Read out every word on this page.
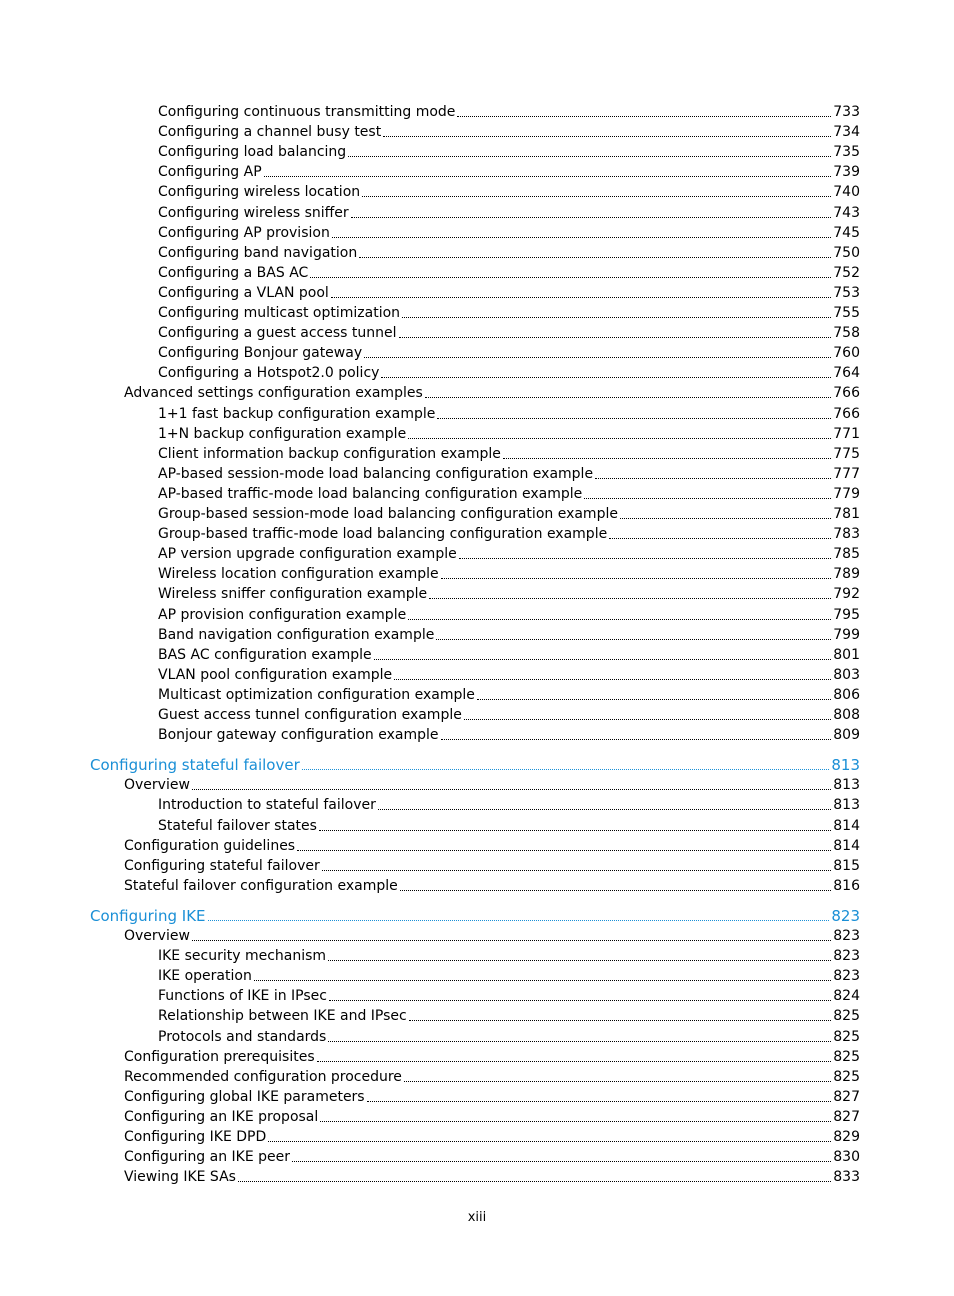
Configuring continuous transmitting mode	733
Configuring a channel busy test	734
Configuring load balancing	735
Configuring AP	739
Configuring wireless location	740
Configuring wireless sniffer	743
Configuring AP provision	745
Configuring band navigation	750
Configuring a BAS AC	752
Configuring a VLAN pool	753
Configuring multicast optimization	755
Configuring a guest access tunnel	758
Configuring Bonjour gateway	760
Configuring a Hotspot2.0 policy	764
Advanced settings configuration examples	766
1+1 fast backup configuration example	766
1+N backup configuration example	771
Client information backup configuration example	775
AP-based session-mode load balancing configuration example	777
AP-based traffic-mode load balancing configuration example	779
Group-based session-mode load balancing configuration example	781
Group-based traffic-mode load balancing configuration example	783
AP version upgrade configuration example	785
Wireless location configuration example	789
Wireless sniffer configuration example	792
AP provision configuration example	795
Band navigation configuration example	799
BAS AC configuration example	801
VLAN pool configuration example	803
Multicast optimization configuration example	806
Guest access tunnel configuration example	808
Bonjour gateway configuration example	809
Configuring stateful failover	813
Overview	813
Introduction to stateful failover	813
Stateful failover states	814
Configuration guidelines	814
Configuring stateful failover	815
Stateful failover configuration example	816
Configuring IKE	823
Overview	823
IKE security mechanism	823
IKE operation	823
Functions of IKE in IPsec	824
Relationship between IKE and IPsec	825
Protocols and standards	825
Configuration prerequisites	825
Recommended configuration procedure	825
Configuring global IKE parameters	827
Configuring an IKE proposal	827
Configuring IKE DPD	829
Configuring an IKE peer	830
Viewing IKE SAs	833
xiii
